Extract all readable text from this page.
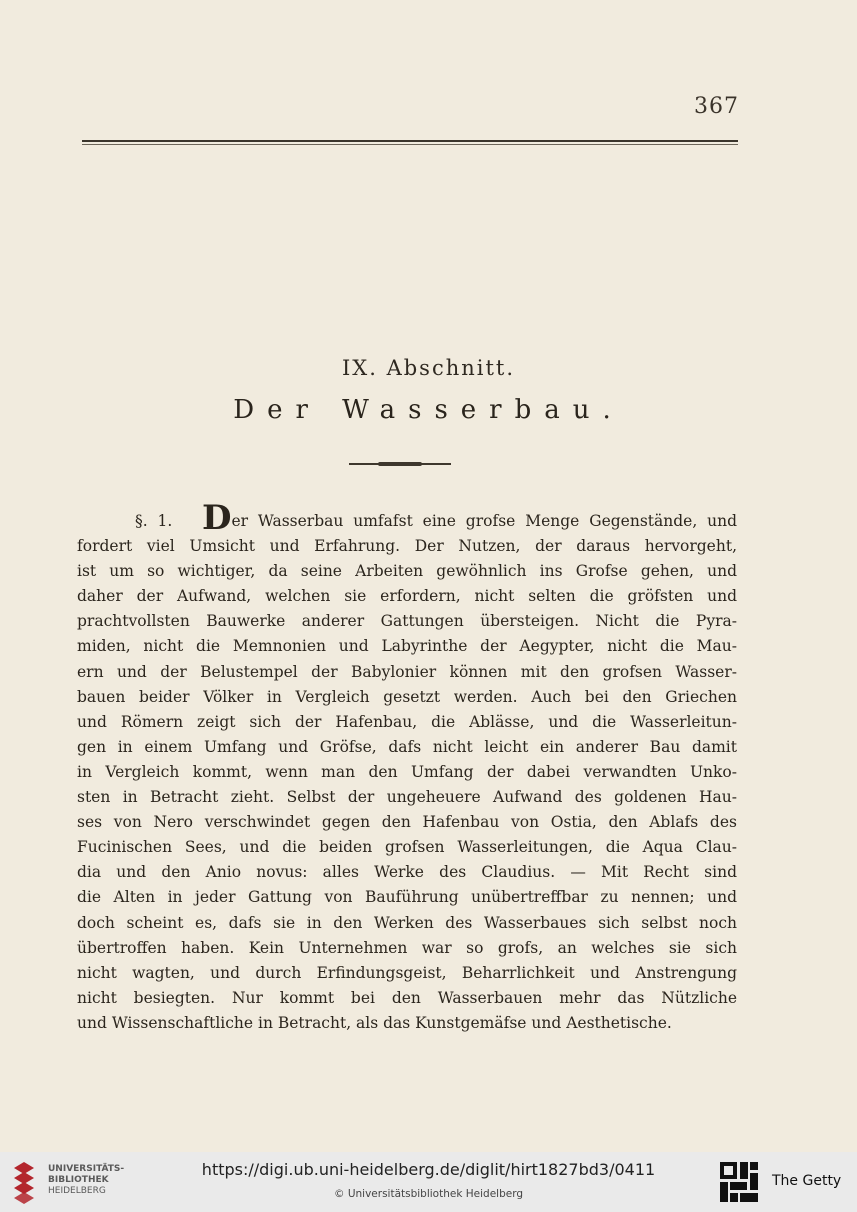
367
IX. Abschnitt.
Der Wasserbau.
§. 1. Der Wasserbau umfafst eine grofse Menge Gegenstände, und
fordert viel Umsicht und Erfahrung. Der Nutzen, der daraus hervorgeht,
ist um so wichtiger, da seine Arbeiten gewöhnlich ins Grofse gehen, und
daher der Aufwand, welchen sie erfordern, nicht selten die gröfsten und
prachtvollsten Bauwerke anderer Gattungen übersteigen. Nicht die Pyra-
miden, nicht die Memnonien und Labyrinthe der Aegypter, nicht die Mau-
ern und der Belustempel der Babylonier können mit den grofsen Wasser-
bauen beider Völker in Vergleich gesetzt werden. Auch bei den Griechen
und Römern zeigt sich der Hafenbau, die Ablässe, und die Wasserleitun-
gen in einem Umfang und Gröfse, dafs nicht leicht ein anderer Bau damit
in Vergleich kommt, wenn man den Umfang der dabei verwandten Unko-
sten in Betracht zieht. Selbst der ungeheuere Aufwand des goldenen Hau-
ses von Nero verschwindet gegen den Hafenbau von Ostia, den Ablafs des
Fucinischen Sees, und die beiden grofsen Wasserleitungen, die Aqua Clau-
dia und den Anio novus: alles Werke des Claudius. — Mit Recht sind
die Alten in jeder Gattung von Bauführung unübertreffbar zu nennen; und
doch scheint es, dafs sie in den Werken des Wasserbaues sich selbst noch
übertroffen haben. Kein Unternehmen war so grofs, an welches sie sich
nicht wagten, und durch Erfindungsgeist, Beharrlichkeit und Anstrengung
nicht besiegten. Nur kommt bei den Wasserbauen mehr das Nützliche
und Wissenschaftliche in Betracht, als das Kunstgemäfse und Aesthetische.
UNIVERSITÄTS-
BIBLIOTHEK
HEIDELBERG
https://digi.ub.uni-heidelberg.de/diglit/hirt1827bd3/0411
© Universitätsbibliothek Heidelberg
The Getty
